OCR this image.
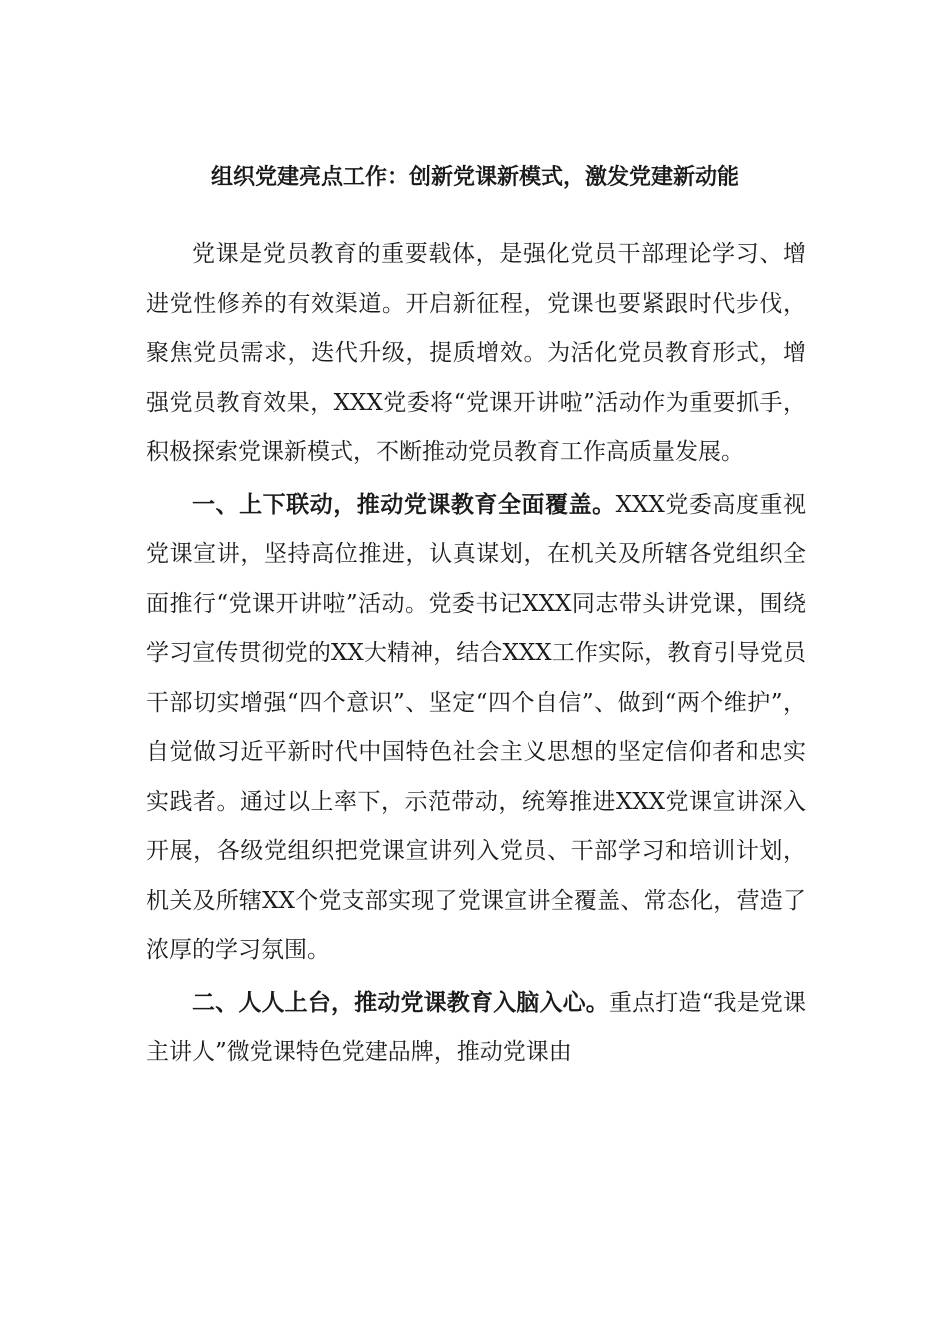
组织党建亮点工作：创新党课新模式，激发党建新动能

党课是党员教育的重要载体，是强化党员干部理论学习、增进党性修养的有效渠道。开启新征程，党课也要紧跟时代步伐，聚焦党员需求，迭代升级，提质增效。为活化党员教育形式，增强党员教育效果，XXX党委将“党课开讲啦”活动作为重要抓手，积极探索党课新模式，不断推动党员教育工作高质量发展。

一、上下联动，推动党课教育全面覆盖。XXX党委高度重视党课宣讲，坚持高位推进，认真谋划，在机关及所辖各党组织全面推行“党课开讲啦”活动。党委书记XXX同志带头讲党课，围绕学习宣传贯彻党的XX大精神，结合XXX工作实际，教育引导党员干部切实增强“四个意识”、坚定“四个自信”、做到“两个维护”，自觉做习近平新时代中国特色社会主义思想的坚定信仰者和忠实实践者。通过以上率下，示范带动，统筹推进XXX党课宣讲深入开展，各级党组织把党课宣讲列入党员、干部学习和培训计划，机关及所辖XX个党支部实现了党课宣讲全覆盖、常态化，营造了浓厚的学习氛围。

二、人人上台，推动党课教育入脑入心。重点打造“我是党课主讲人”微党课特色党建品牌，推动党课由
